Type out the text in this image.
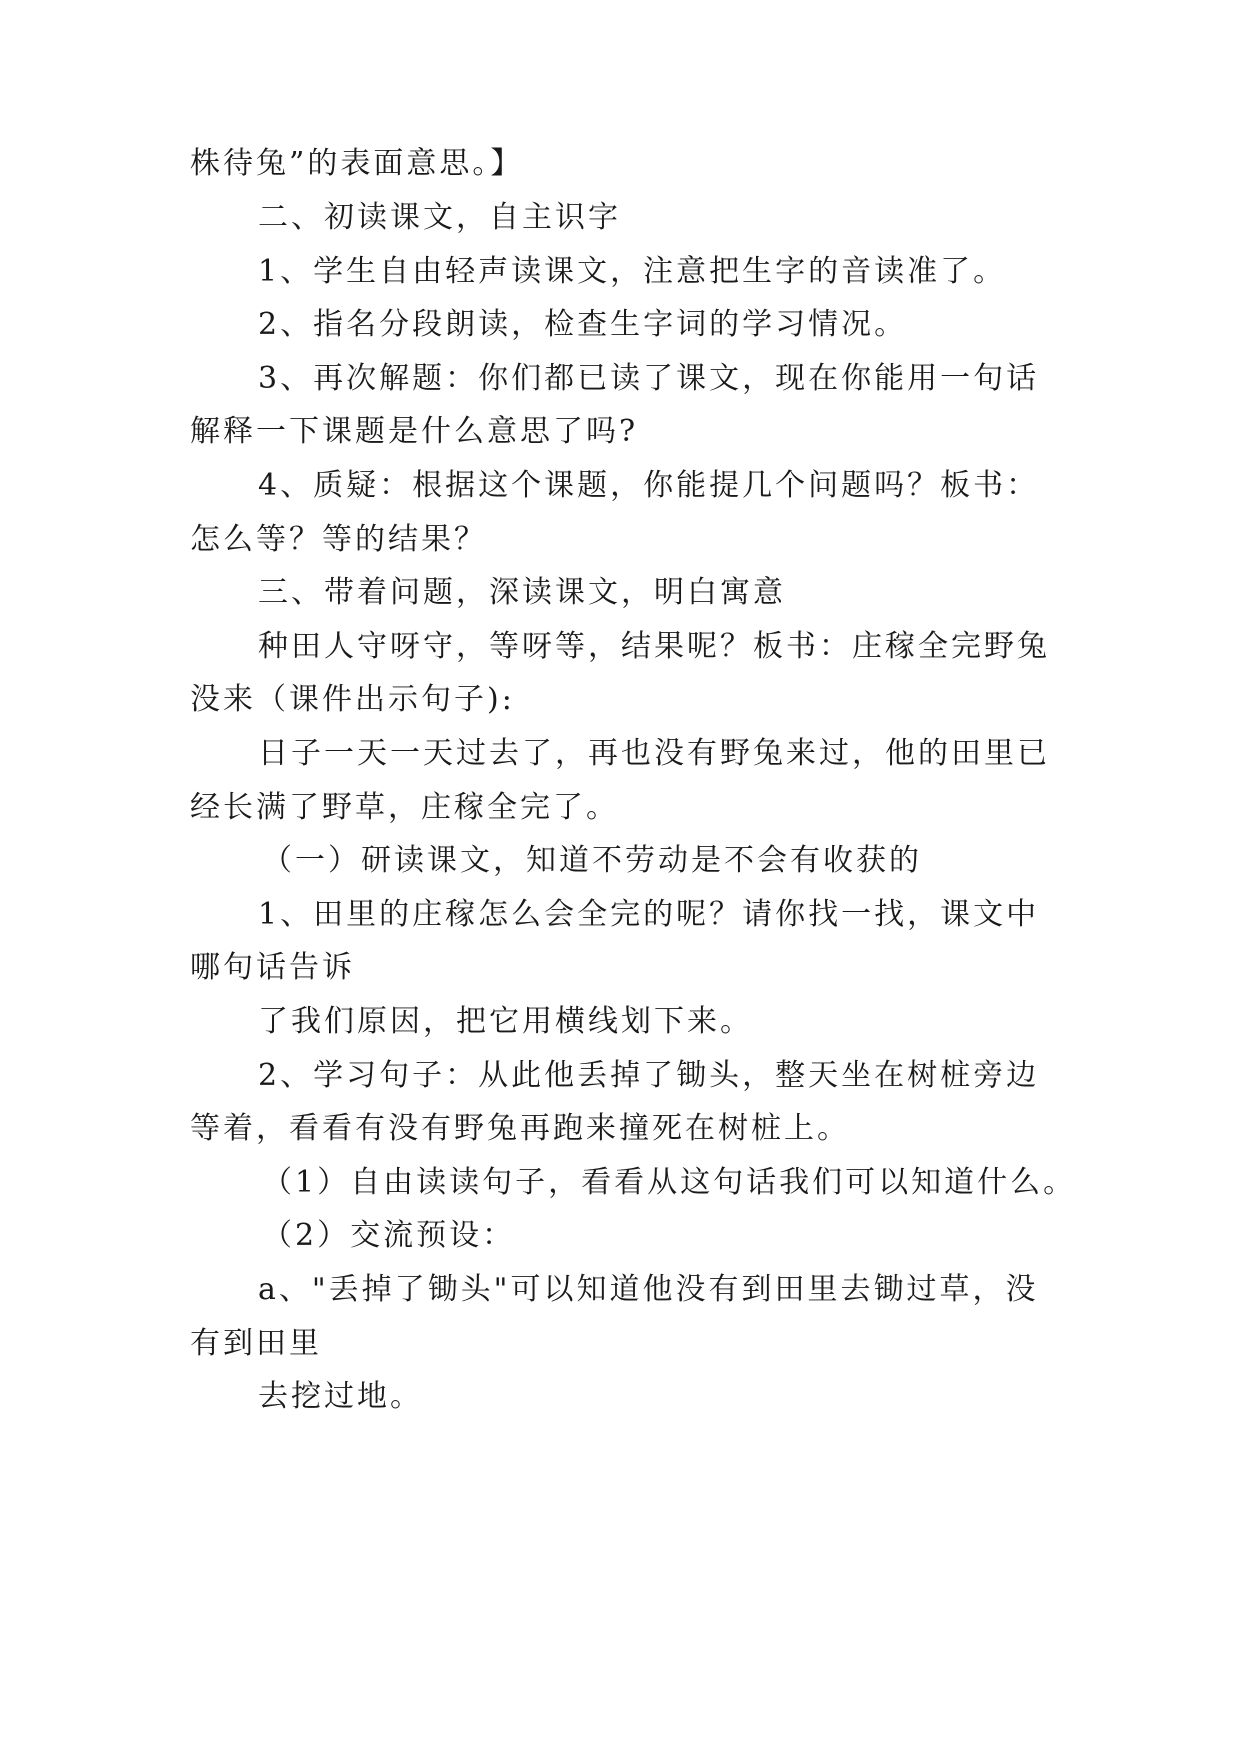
株待兔”的表面意思。】
二、初读课文，自主识字
1、学生自由轻声读课文，注意把生字的音读准了。
2、指名分段朗读，检查生字词的学习情况。
3、再次解题：你们都已读了课文，现在你能用一句话
解释一下课题是什么意思了吗?
4、质疑：根据这个课题，你能提几个问题吗？板书：
怎么等？等的结果？
三、带着问题，深读课文，明白寓意
种田人守呀守，等呀等，结果呢？板书：庄稼全完野兔
没来（课件出示句子):
日子一天一天过去了，再也没有野兔来过，他的田里已
经长满了野草，庄稼全完了。
（一）研读课文，知道不劳动是不会有收获的
1、田里的庄稼怎么会全完的呢？请你找一找，课文中
哪句话告诉
了我们原因，把它用横线划下来。
2、学习句子：从此他丢掉了锄头，整天坐在树桩旁边
等着，看看有没有野兔再跑来撞死在树桩上。
（1）自由读读句子，看看从这句话我们可以知道什么。
（2）交流预设：
a、"丢掉了锄头"可以知道他没有到田里去锄过草，没
有到田里
去挖过地。
